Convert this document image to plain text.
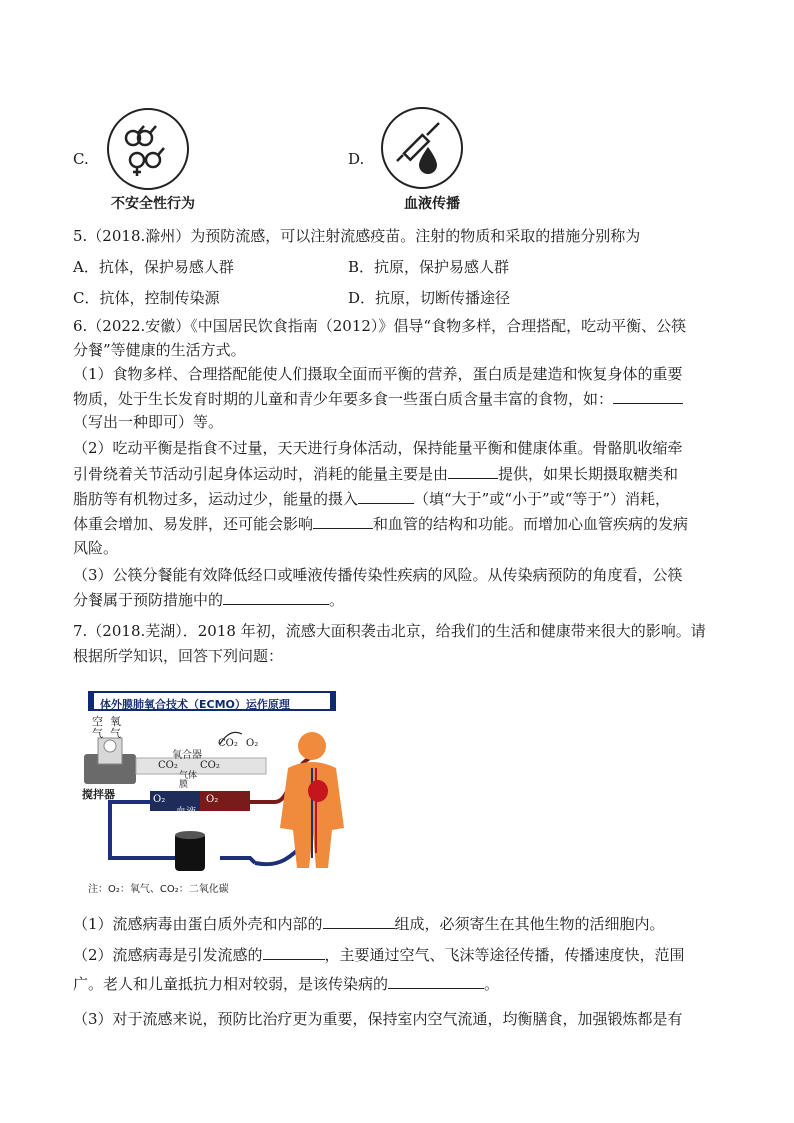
C.
不安全性行为
D.
血液传播
5.（2018.滁州）为预防流感，可以注射流感疫苗。注射的物质和采取的措施分别称为
A．抗体，保护易感人群	B．抗原，保护易感人群
C．抗体，控制传染源	D．抗原，切断传播途径
6.（2022.安徽）《中国居民饮食指南（2012）》倡导“食物多样，合理搭配，吃动平衡、公筷
分餐”等健康的生活方式。
（1）食物多样、合理搭配能使人们摄取全面而平衡的营养，蛋白质是建造和恢复身体的重要
物质，处于生长发育时期的儿童和青少年要多食一些蛋白质含量丰富的食物，如：
（写出一种即可）等。
（2）吃动平衡是指食不过量，天天进行身体活动，保持能量平衡和健康体重。骨骼肌收缩牵
引骨绕着关节活动引起身体运动时，消耗的能量主要是由	提供，如果长期摄取糖类和
脂肪等有机物过多，运动过少，能量的摄入	（填“大于”或“小于”或“等于”）消耗，
体重会增加、易发胖，还可能会影响	和血管的结构和功能。而增加心血管疾病的发病
风险。
（3）公筷分餐能有效降低经口或唾液传播传染性疾病的风险。从传染病预防的角度看，公筷
分餐属于预防措施中的	。
7.（2018.芜湖）．2018 年初，流感大面积袭击北京，给我们的生活和健康带来很大的影响。请
根据所学知识，回答下列问题：
体外膜肺氧合技术（ECMO）运作原理
空气
氧气
氧合器
CO₂ O₂
CO₂ CO₂
气体膜
O₂	O₂
血液
搅拌器
注：O₂：氧气、CO₂：二氧化碳
（1）流感病毒由蛋白质外壳和内部的	组成，必须寄生在其他生物的活细胞内。
（2）流感病毒是引发流感的	，主要通过空气、飞沫等途径传播，传播速度快，范围
广。老人和儿童抵抗力相对较弱，是该传染病的	。
（3）对于流感来说，预防比治疗更为重要，保持室内空气流通，均衡膳食，加强锻炼都是有
